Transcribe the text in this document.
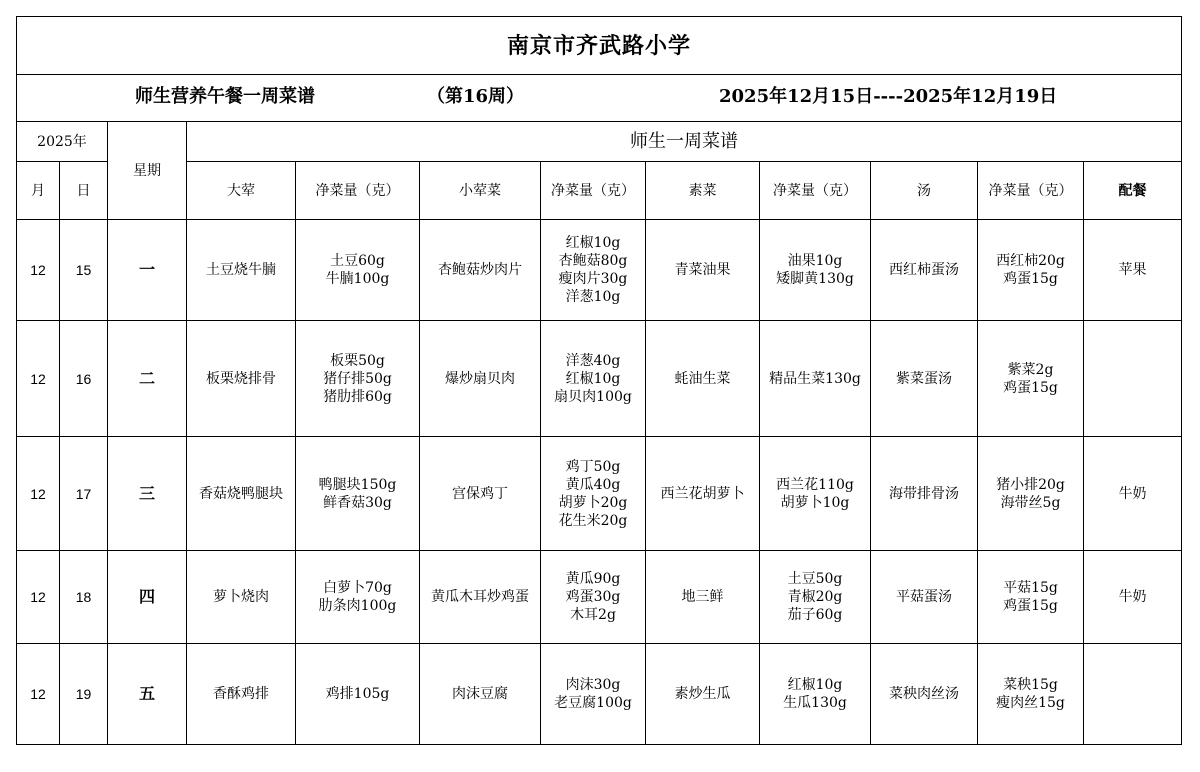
南京市齐武路小学											

师生营养午餐一周菜谱 （第16周） 2025年12月15日----2025年12月19日											

2025年		星期	师生一周菜谱								
月	日		大荤	净菜量（克）	小荤菜	净菜量（克）	素菜	净菜量（克）	汤	净菜量（克）	配餐
12	15	一	土豆烧牛腩	土豆60g
牛腩100g	杏鲍菇炒肉片	红椒10g
杏鲍菇80g
瘦肉片30g
洋葱10g	青菜油果	油果10g
矮脚黄130g	西红柿蛋汤	西红柿20g
鸡蛋15g	苹果
12	16	二	板栗烧排骨	板栗50g
猪仔排50g
猪肋排60g	爆炒扇贝肉	洋葱40g
红椒10g
扇贝肉100g	蚝油生菜	精品生菜130g	紫菜蛋汤	紫菜2g
鸡蛋15g	
12	17	三	香菇烧鸭腿块	鸭腿块150g
鲜香菇30g	宫保鸡丁	鸡丁50g
黄瓜40g
胡萝卜20g
花生米20g	西兰花胡萝卜	西兰花110g
胡萝卜10g	海带排骨汤	猪小排20g
海带丝5g	牛奶
12	18	四	萝卜烧肉	白萝卜70g
肋条肉100g	黄瓜木耳炒鸡蛋	黄瓜90g
鸡蛋30g
木耳2g	地三鲜	土豆50g
青椒20g
茄子60g	平菇蛋汤	平菇15g
鸡蛋15g	牛奶
12	19	五	香酥鸡排	鸡排105g	肉沫豆腐	肉沫30g
老豆腐100g	素炒生瓜	红椒10g
生瓜130g	菜秧肉丝汤	菜秧15g
瘦肉丝15g	
